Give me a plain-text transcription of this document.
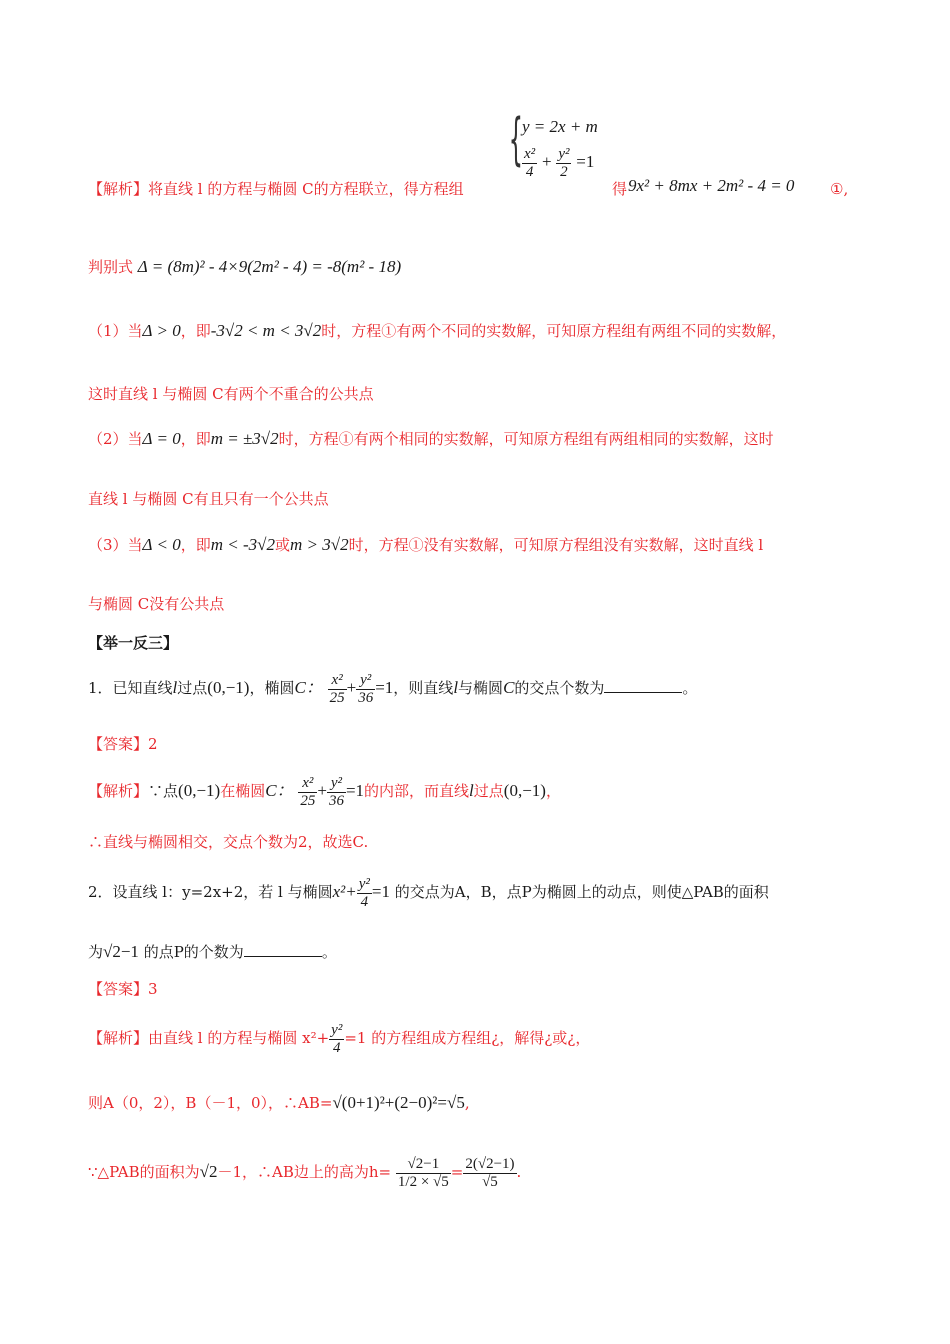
{ y = 2x + m
$\frac{\text{x²}}{4} + \frac{\text{y²}}{2} =1$
【解析】将直线 l 的方程与椭圆 C的方程联立，得方程组	得 9x² + 8mx + 2m² - 4 = 0 ①,
判别式 Δ = (8m)² - 4×9(2m² - 4) = -8(m² - 18)
（1）当Δ > 0，即-3√2 < m < 3√2时，方程①有两个不同的实数解，可知原方程组有两组不同的实数解，
这时直线 l 与椭圆 C有两个不重合的公共点
（2）当Δ = 0，即m = ±3√2时，方程①有两个相同的实数解，可知原方程组有两组相同的实数解，这时
直线 l 与椭圆 C有且只有一个公共点
（3）当Δ < 0，即m < -3√2或m > 3√2时，方程①没有实数解，可知原方程组没有实数解，这时直线 l
与椭圆 C没有公共点
【举一反三】
1．已知直线l过点(0,−1)，椭圆C： $\frac{\text{x²}}{25} + \frac{\text{y²}}{36} =1$，则直线l与椭圆C的交点个数为	。
【答案】2
【解析】∵点(0,−1)在椭圆C： $\frac{\text{x²}}{25} + \frac{\text{y²}}{36} =1$的内部，而直线l过点(0,−1)，
∴直线与椭圆相交，交点个数为2，故选C.
2．设直线 l：y=2x+2，若 l 与椭圆$x^2+ \frac{\text{y²}}{4} =1$ 的交点为A，B，点P为椭圆上的动点，则使△PAB的面积
为√2−1 的点P的个数为	。
【答案】3
【解析】由直线 l 的方程与椭圆 $x^2+ \frac{\text{y²}}{4} =1$ 的方程组成方程组¿，解得¿或¿，
则A（0，2），B（－1，0），∴AB=√(0+1)²+(2−0)²=√5,
∵△PAB的面积为√2－1，∴AB边上的高为$h= \frac{√2-1}{1/2 \times √5} = \frac{2(√2-1)}{√5}$ .
